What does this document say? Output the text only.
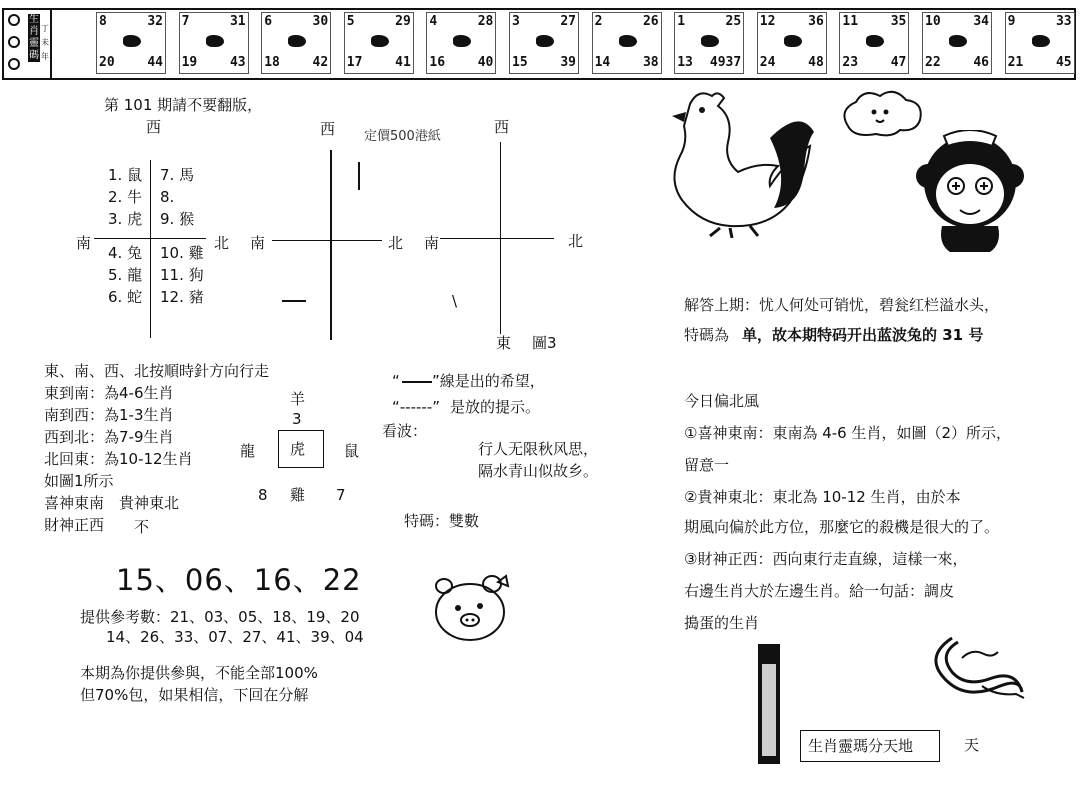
生肖靈碼
丁未年
8	32
20	44
7	31
19	43
6	30
18	42
5	29
17	41
4	28
16	40
3	27
15	39
2	26
14	38
1	25
13 4937
12	36
24	48
11	35
23	47
10	34
22	46
9	33
21	45
第 101 期請不要翻版，
西
南	北
1. 鼠
2. 牛
3. 虎
4. 兔
5. 龍
6. 蛇
7. 馬
8.
9. 猴
10. 雞
11. 狗
12. 豬
西 定價500港紙
南	北
西
南	北
東 圖3
\
東、南、西、北按順時針方向行走
東到南：為4-6生肖
南到西：為1-3生肖
西到北：為7-9生肖
北回東：為10-12生肖
如圖1所示
喜神東南　貴神東北
財神正西 不
羊
3
龍 虎	鼠
8 雞 7
“ ”線是出的希望，
“------” 是放的提示。
看波：
行人无限秋风思，
隔水青山似故乡。
特碼：雙數
15、06、16、22
提供參考數：21、03、05、18、19、20
14、26、33、07、27、41、39、04
本期為你提供參與，不能全部100%
但70%包，如果相信，下回在分解
解答上期：忧人何处可销忧，碧瓮红栏溢水头，
特碼為 单，故本期特码开出蓝波兔的 31 号
今日偏北風
①喜神東南：東南為 4-6 生肖，如圖（2）所示，
留意一
②貴神東北：東北為 10-12 生肖，由於本
期風向偏於此方位，那麼它的殺機是很大的了。
③財神正西：西向東行走直線，這樣一來，
右邊生肖大於左邊生肖。給一句話：調皮
搗蛋的生肖
生肖靈瑪分天地	天
